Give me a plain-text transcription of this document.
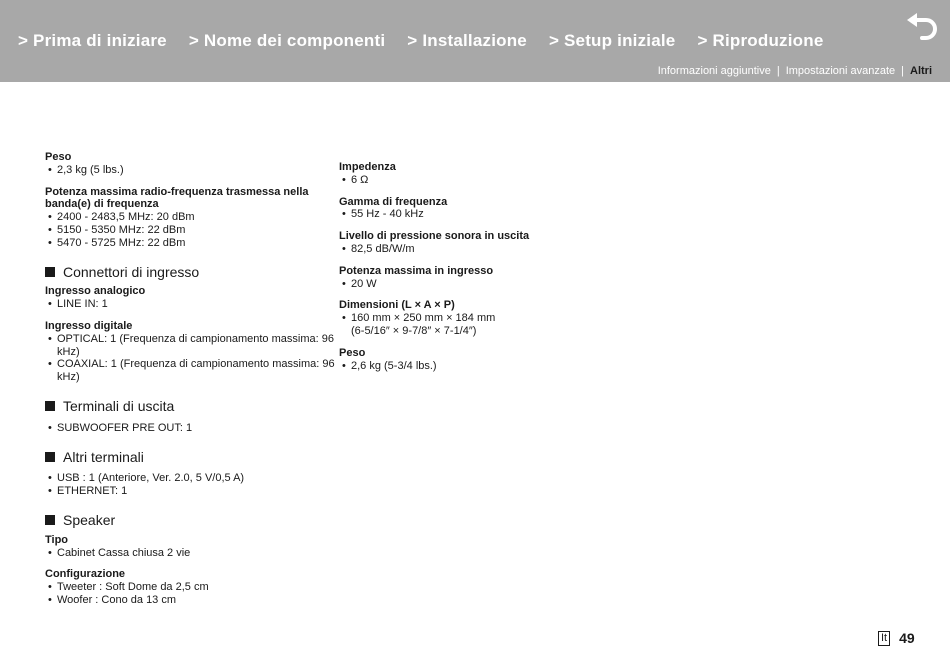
> Prima di iniziare > Nome dei componenti > Installazione > Setup iniziale > Riproduzione
Informazioni aggiuntive | Impostazioni avanzate | Altri
Peso
• 2,3 kg (5 lbs.)
Potenza massima radio-frequenza trasmessa nella banda(e) di frequenza
• 2400 - 2483,5 MHz: 20 dBm
• 5150 - 5350 MHz: 22 dBm
• 5470 - 5725 MHz: 22 dBm
Connettori di ingresso
Ingresso analogico
• LINE IN: 1
Ingresso digitale
• OPTICAL: 1 (Frequenza di campionamento massima: 96 kHz)
• COAXIAL: 1 (Frequenza di campionamento massima: 96 kHz)
Terminali di uscita
• SUBWOOFER PRE OUT: 1
Altri terminali
• USB : 1 (Anteriore, Ver. 2.0, 5 V/0,5 A)
• ETHERNET: 1
Speaker
Tipo
• Cabinet Cassa chiusa 2 vie
Configurazione
• Tweeter : Soft Dome da 2,5 cm
• Woofer : Cono da 13 cm
Impedenza
• 6 Ω
Gamma di frequenza
• 55 Hz - 40 kHz
Livello di pressione sonora in uscita
• 82,5 dB/W/m
Potenza massima in ingresso
• 20 W
Dimensioni (L × A × P)
• 160 mm × 250 mm × 184 mm
(6-5/16″ × 9-7/8″ × 7-1/4″)
Peso
• 2,6 kg (5-3/4 lbs.)
It 49
